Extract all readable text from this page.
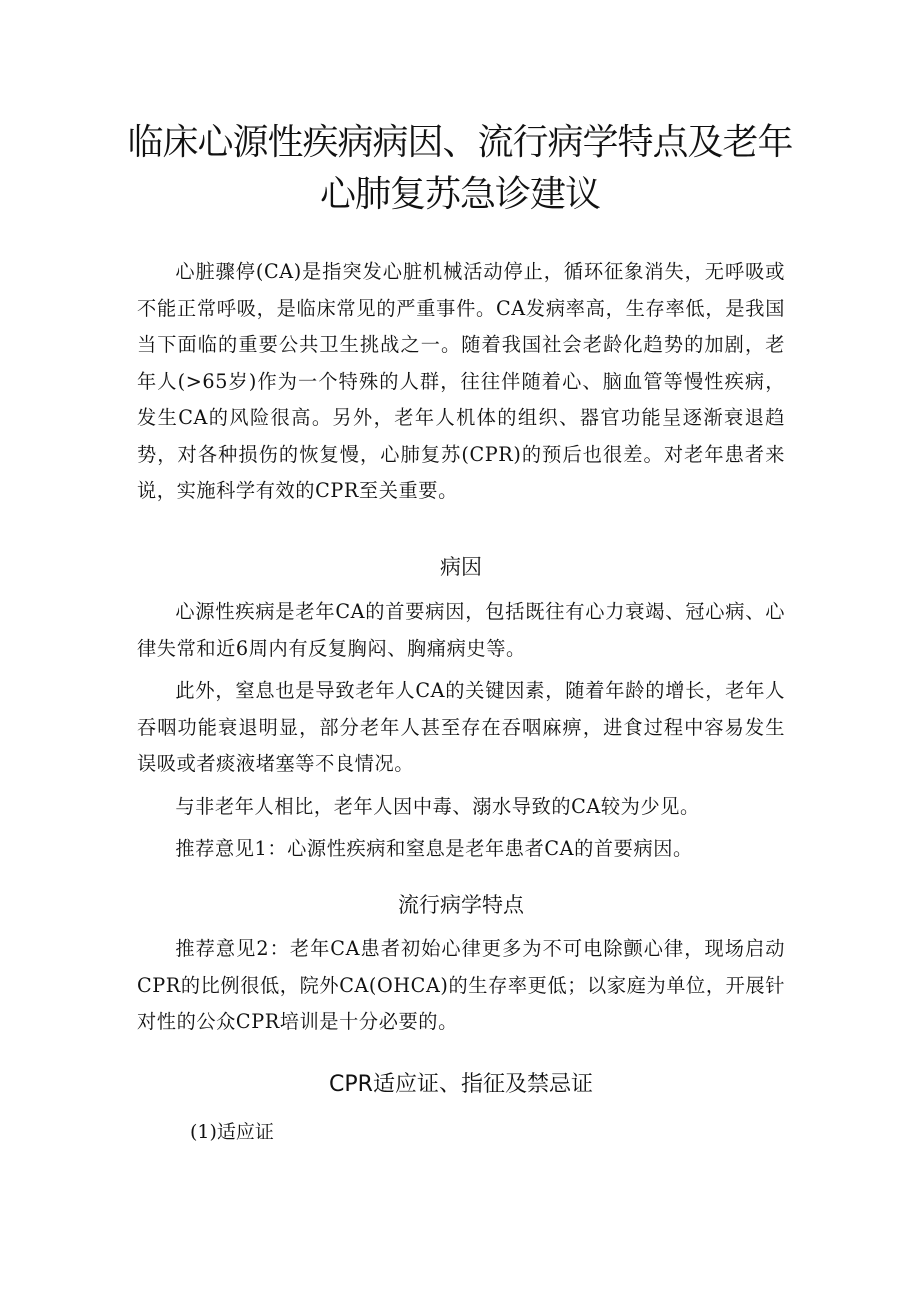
临床心源性疾病病因、流行病学特点及老年
心肺复苏急诊建议

心脏骤停(CA)是指突发心脏机械活动停止，循环征象消失，无呼吸或不能正常呼吸，是临床常见的严重事件。CA发病率高，生存率低，是我国当下面临的重要公共卫生挑战之一。随着我国社会老龄化趋势的加剧，老年人(>65岁)作为一个特殊的人群，往往伴随着心、脑血管等慢性疾病，发生CA的风险很高。另外，老年人机体的组织、器官功能呈逐渐衰退趋势，对各种损伤的恢复慢，心肺复苏(CPR)的预后也很差。对老年患者来说，实施科学有效的CPR至关重要。

病因

心源性疾病是老年CA的首要病因，包括既往有心力衰竭、冠心病、心律失常和近6周内有反复胸闷、胸痛病史等。

此外，窒息也是导致老年人CA的关键因素，随着年龄的增长，老年人吞咽功能衰退明显，部分老年人甚至存在吞咽麻痹，进食过程中容易发生误吸或者痰液堵塞等不良情况。

与非老年人相比，老年人因中毒、溺水导致的CA较为少见。

推荐意见1：心源性疾病和窒息是老年患者CA的首要病因。

流行病学特点

推荐意见2：老年CA患者初始心律更多为不可电除颤心律，现场启动CPR的比例很低，院外CA(OHCA)的生存率更低；以家庭为单位，开展针对性的公众CPR培训是十分必要的。

CPR适应证、指征及禁忌证
(1)适应证
